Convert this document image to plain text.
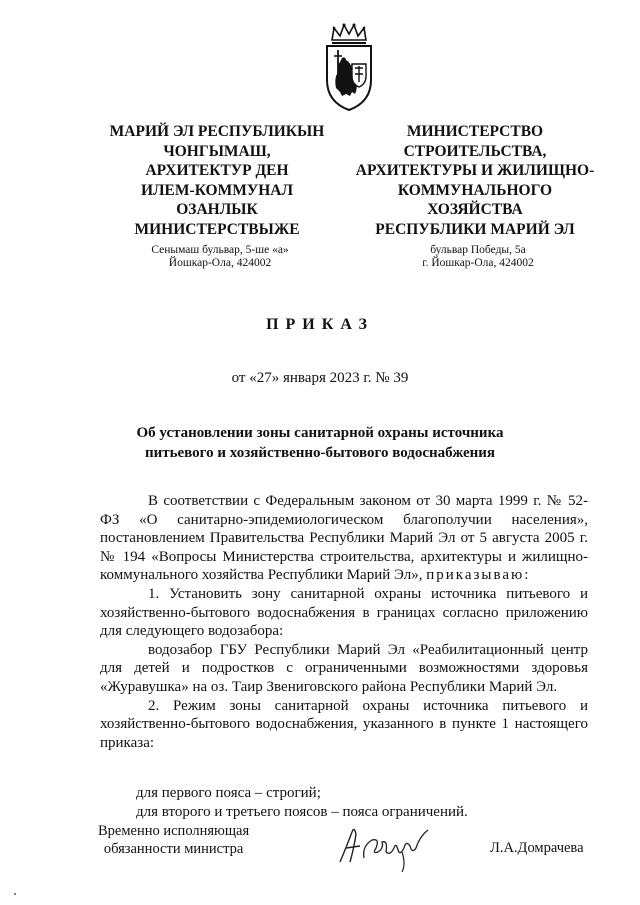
МАРИЙ ЭЛ РЕСПУБЛИКЫН
ЧОНГЫМАШ,
АРХИТЕКТУР ДЕН
ИЛЕМ-КОММУНАЛ
ОЗАНЛЫК
МИНИСТЕРСТВЫЖЕ
МИНИСТЕРСТВО
СТРОИТЕЛЬСТВА,
АРХИТЕКТУРЫ И ЖИЛИЩНО-
КОММУНАЛЬНОГО
ХОЗЯЙСТВА
РЕСПУБЛИКИ МАРИЙ ЭЛ
Сенымаш бульвар, 5-ше «а»
Йошкар-Ола, 424002
бульвар Победы, 5а
г. Йошкар-Ола, 424002
ПРИКАЗ
от «27» января 2023 г. № 39
Об установлении зоны санитарной охраны источника
питьевого и хозяйственно-бытового водоснабжения

В соответствии с Федеральным законом от 30 марта 1999 г. № 52-ФЗ «О санитарно-эпидемиологическом благополучии населения», постановлением Правительства Республики Марий Эл от 5 августа 2005 г. № 194 «Вопросы Министерства строительства, архитектуры и жилищно-коммунального хозяйства Республики Марий Эл», приказываю:

1. Установить зону санитарной охраны источника питьевого и хозяйственно-бытового водоснабжения в границах согласно приложению для следующего водозабора:

водозабор ГБУ Республики Марий Эл «Реабилитационный центр для детей и подростков с ограниченными возможностями здоровья «Журавушка» на оз. Таир Звениговского района Республики Марий Эл.

2. Режим зоны санитарной охраны источника питьевого и хозяйственно-бытового водоснабжения, указанного в пункте 1 настоящего приказа:

для первого пояса – строгий;

для второго и третьего поясов – пояса ограничений.

Временно исполняющая
обязанности министра	Л.А.Домрачева
